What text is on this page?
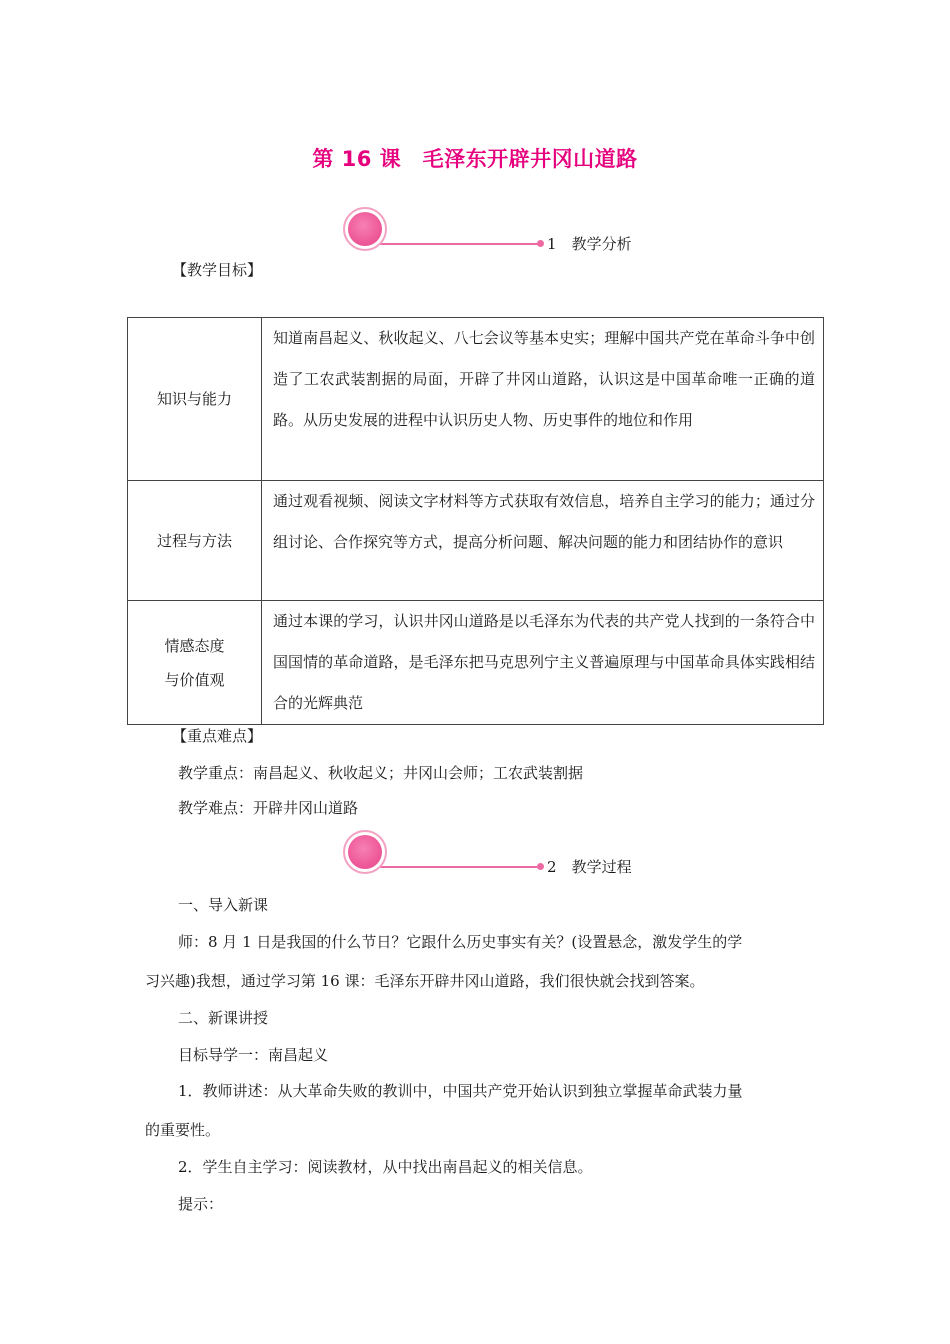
第 16 课　毛泽东开辟井冈山道路
1　 教学分析
【教学目标】
知识与能力	知道南昌起义、秋收起义、八七会议等基本史实；理解中国共产党在革命斗争中创造了工农武装割据的局面，开辟了井冈山道路，认识这是中国革命唯一正确的道路。从历史发展的进程中认识历史人物、历史事件的地位和作用
过程与方法	通过观看视频、阅读文字材料等方式获取有效信息，培养自主学习的能力；通过分组讨论、合作探究等方式，提高分析问题、解决问题的能力和团结协作的意识
情感态度
与价值观	通过本课的学习，认识井冈山道路是以毛泽东为代表的共产党人找到的一条符合中国国情的革命道路，是毛泽东把马克思列宁主义普遍原理与中国革命具体实践相结合的光辉典范
【重点难点】
教学重点：南昌起义、秋收起义；井冈山会师；工农武装割据
教学难点：开辟井冈山道路
2　 教学过程
一、导入新课
师：8 月 1 日是我国的什么节日？它跟什么历史事实有关？(设置悬念，激发学生的学
习兴趣)我想，通过学习第 16 课：毛泽东开辟井冈山道路，我们很快就会找到答案。
二、新课讲授
目标导学一：南昌起义
1．教师讲述：从大革命失败的教训中，中国共产党开始认识到独立掌握革命武装力量
的重要性。
2．学生自主学习：阅读教材，从中找出南昌起义的相关信息。
提示：
